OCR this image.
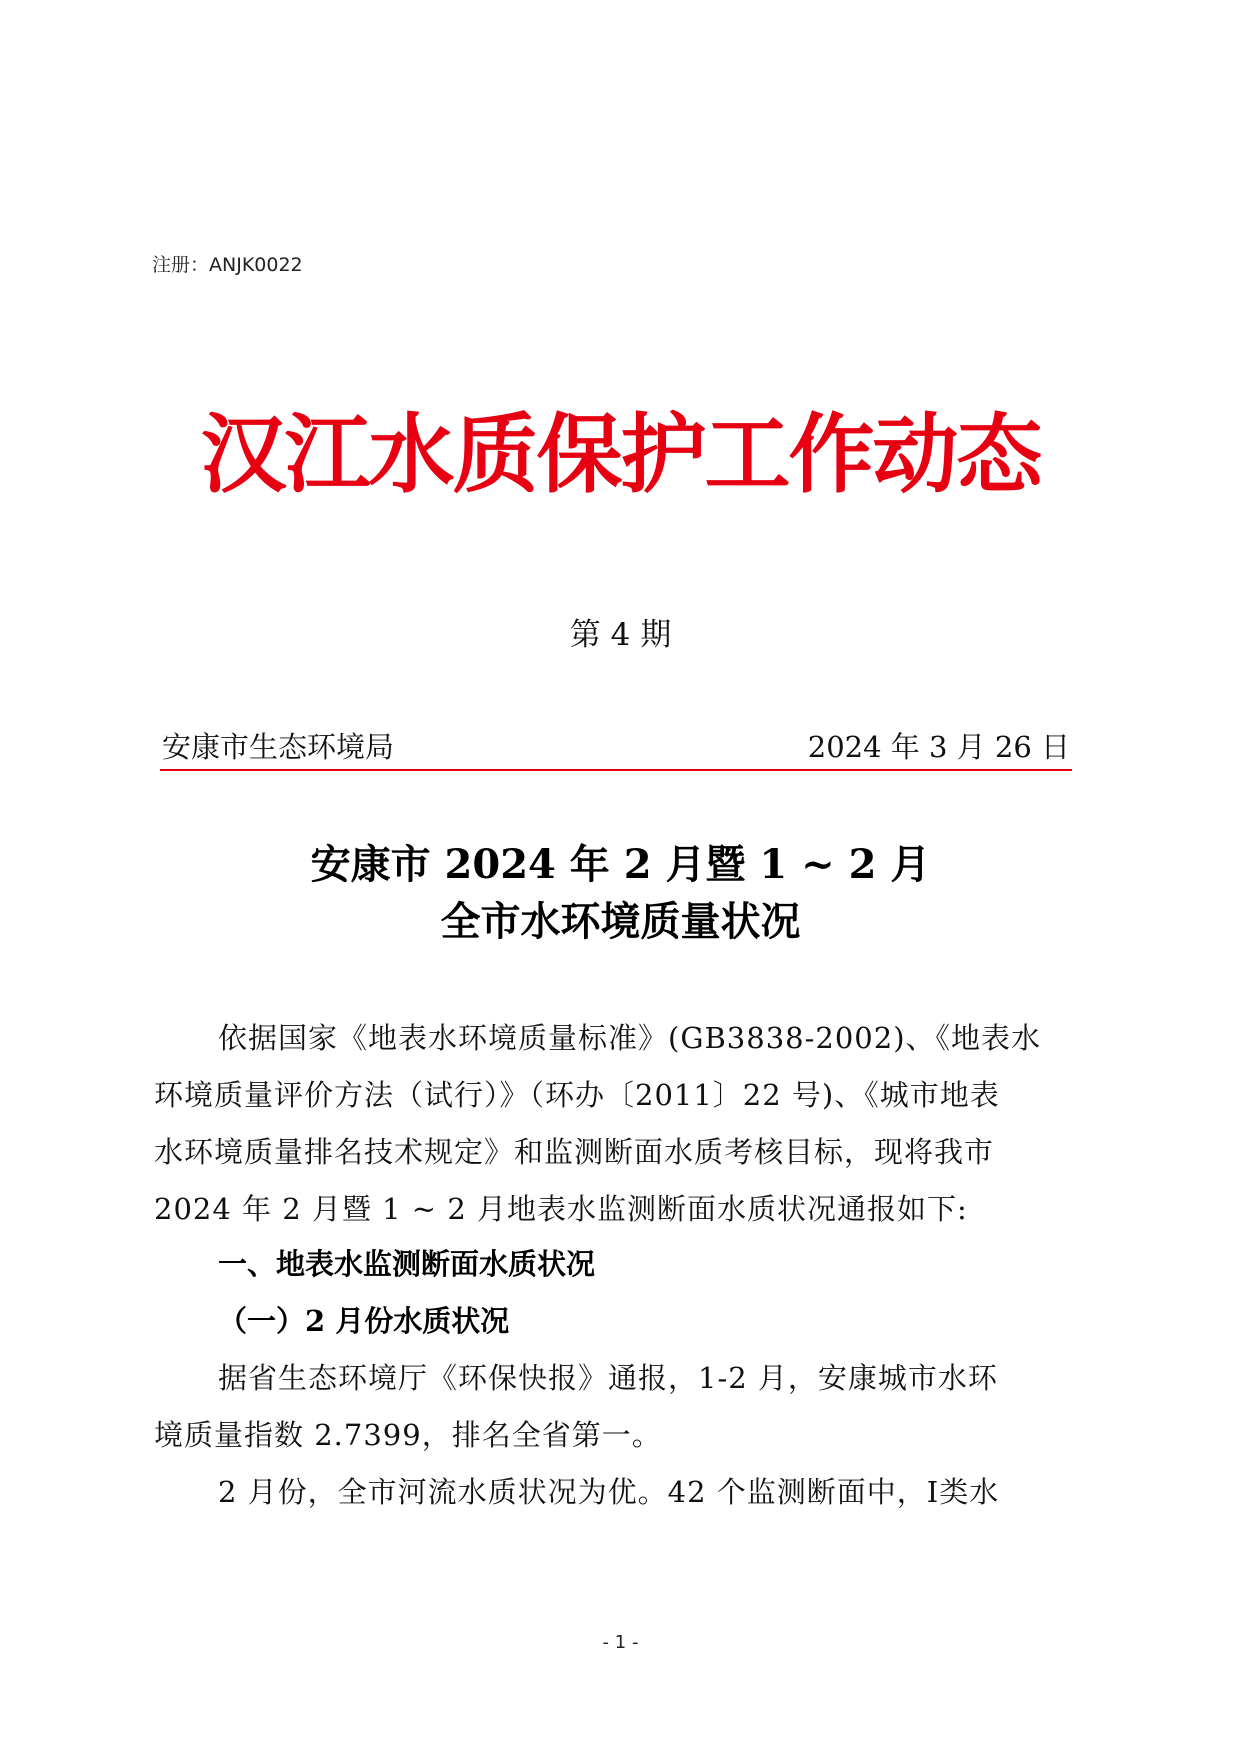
注册：ANJK0022

汉江水质保护工作动态

第 4 期

安康市生态环境局	2024 年 3 月 26 日
安康市 2024 年 2 月暨 1 ~ 2 月
全市水环境质量状况
依据国家《地表水环境质量标准》(GB3838-2002)、《地表水
环境质量评价方法（试行）》（环办〔2011〕22 号)、《城市地表
水环境质量排名技术规定》和监测断面水质考核目标，现将我市
2024 年 2 月暨 1 ~ 2 月地表水监测断面水质状况通报如下:
一、地表水监测断面水质状况
（一）2 月份水质状况
据省生态环境厅《环保快报》通报，1-2 月，安康城市水环
境质量指数 2.7399，排名全省第一。
2 月份，全市河流水质状况为优。42 个监测断面中，Ⅰ类水

- 1 -
